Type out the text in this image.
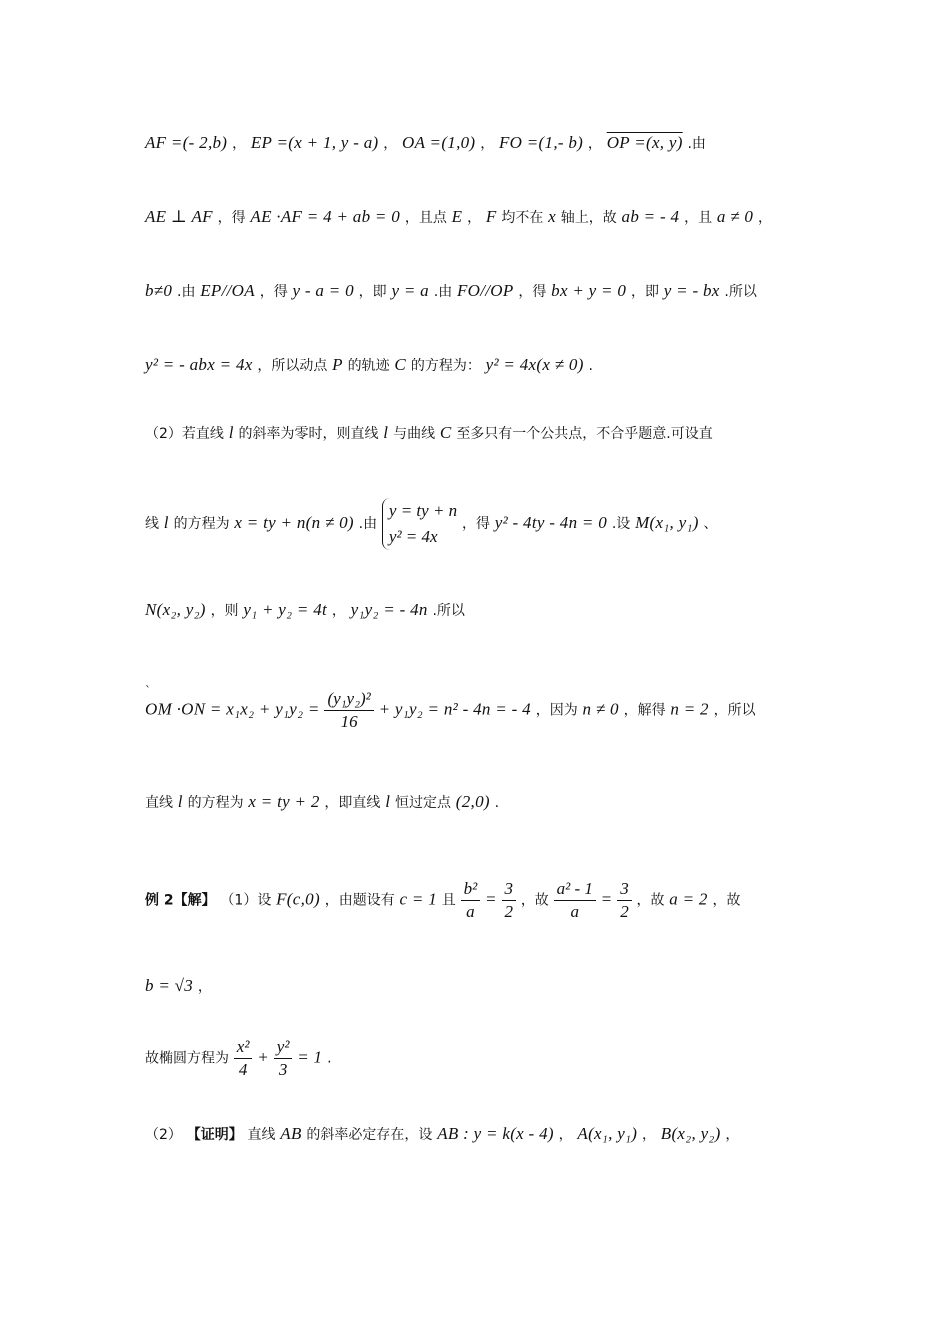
AF =(- 2,b) ， EP =(x + 1, y - a) ， OA =(1,0) ， FO =(1,- b) ， OP =(x, y) .由
AE ⊥ AF ，得 AE ·AF = 4 + ab = 0 ，且点 E ， F 均不在 x 轴上，故 ab = - 4 ，且 a ≠ 0 ，
b≠0 .由 EP//OA ，得 y - a = 0 ，即 y = a .由 FO//OP ，得 bx + y = 0 ，即 y = - bx .所以
y² = - abx = 4x ，所以动点 P 的轨迹 C 的方程为： y² = 4x(x ≠ 0) .
（2）若直线 l 的斜率为零时，则直线 l 与曲线 C 至多只有一个公共点，不合乎题意.可设直
线 l 的方程为 x = ty + n(n ≠ 0) .由
y = ty + n
y² = 4x
，得 y² - 4ty - 4n = 0 .设 M(x₁, y₁) 、
N(x₂, y₂) ，则 y₁ + y₂ = 4t ， y₁y₂ = - 4n .所以
`
OM $\cdot ON = x_1x_2 + y_1y_2 = \frac{\text{(y₁y₂)²}}{16} + y_1y_2 = n^2 - 4n$ = - 4 ，因为 n ≠ 0 ，解得 n = 2 ，所以
直线 l 的方程为 x = ty + 2 ，即直线 l 恒过定点 (2,0) .
例 2【解】 （1）设 F(c,0) ，由题设有 c = 1 且 $\frac{\text{b²}}{a} = \frac{3}{2}$ ，故 $\frac{\text{a² - 1}}{a} = \frac{3}{2}$ ，故 a = 2 ，故
b = √3 ，
故椭圆方程为 $\frac{\text{x²}}{4} + \frac{\text{y²}}{3} = 1$ .
（2） 【证明】 直线 AB 的斜率必定存在，设 AB : y = k(x - 4) ， A(x₁, y₁) ， B(x₂, y₂) ，
